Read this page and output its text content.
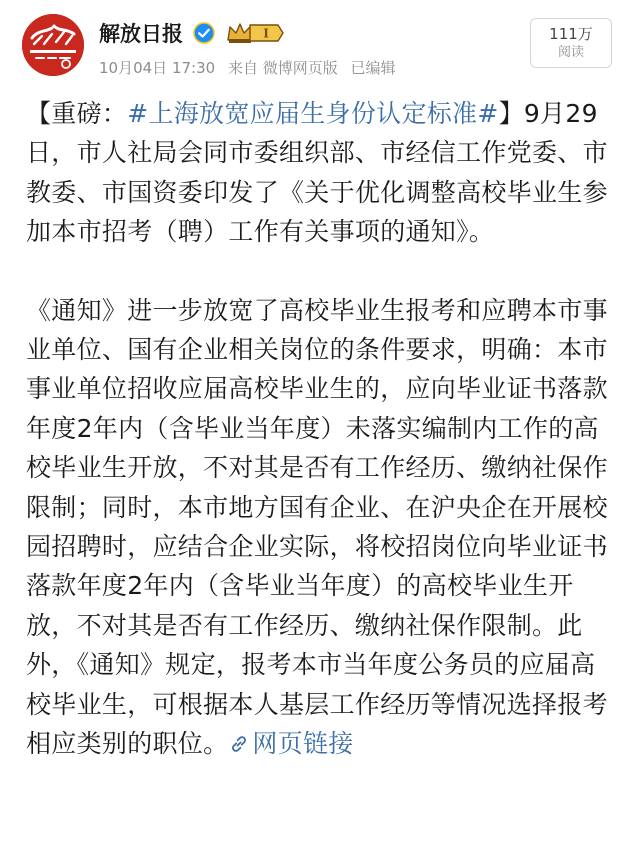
解放日报	I
10月04日 17:30 来自 微博网页版 已编辑
111万
阅读

【重磅：#上海放宽应届生身份认定标准#】9月29日，市人社局会同市委组织部、市经信工作党委、市教委、市国资委印发了《关于优化调整高校毕业生参加本市招考（聘）工作有关事项的通知》。

《通知》进一步放宽了高校毕业生报考和应聘本市事业单位、国有企业相关岗位的条件要求，明确：本市事业单位招收应届高校毕业生的，应向毕业证书落款年度2年内（含毕业当年度）未落实编制内工作的高校毕业生开放，不对其是否有工作经历、缴纳社保作限制；同时，本市地方国有企业、在沪央企在开展校园招聘时，应结合企业实际，将校招岗位向毕业证书落款年度2年内（含毕业当年度）的高校毕业生开放，不对其是否有工作经历、缴纳社保作限制。此外，《通知》规定，报考本市当年度公务员的应届高校毕业生，可根据本人基层工作经历等情况选择报考相应类别的职位。 网页链接
